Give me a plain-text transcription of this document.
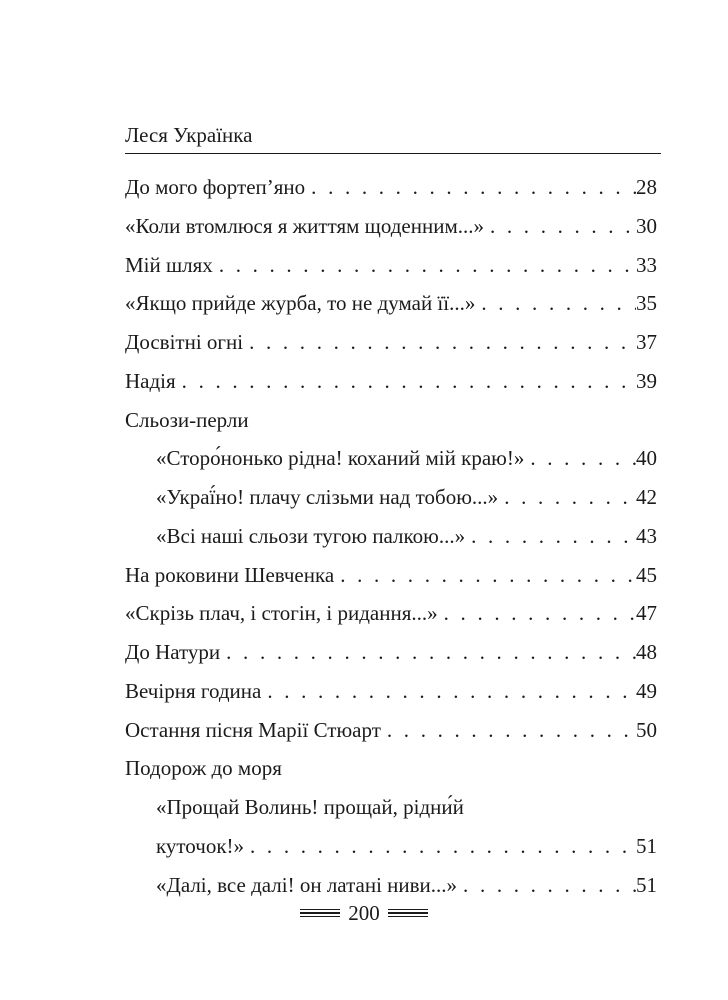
Леся Українка
До мого фортеп’яно . . .	28
«Коли втомлюся я життям щоденним...» . . .	30
Мій шлях . . .	33
«Якщо прийде журба, то не думай її...» . . .	35
Досвітні огні . . .	37
Надія . . .	39
Сльози-перли
«Сторо́нонько рідна! коханий мій краю!» . . .	40
«Украї́но! плачу слізьми над тобою...» . . .	42
«Всі наші сльози тугою палкою...» . . .	43
На роковини Шевченка . . .	45
«Скрізь плач, і стогін, і ридання...» . . .	47
До Натури . . .	48
Вечірня година . . .	49
Остання пісня Марії Стюарт . . .	50
Подорож до моря
«Прощай Волинь! прощай, рідни́й
куточок!» . . .	51
«Далі, все далі! он латані ниви...» . . .	51
200
